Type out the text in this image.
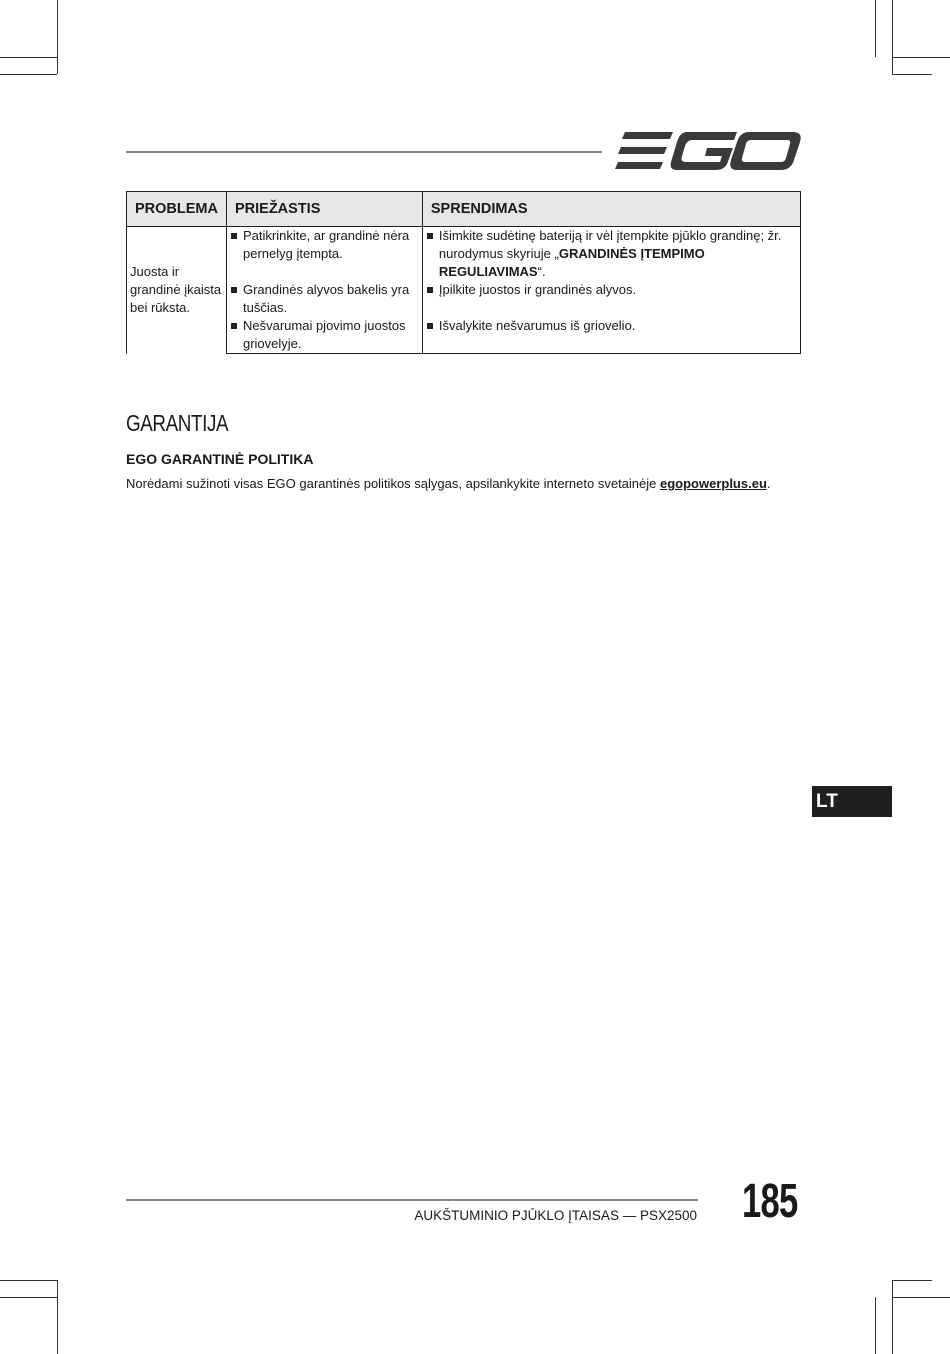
PROBLEMA	PRIEŽASTIS	SPRENDIMAS
Juosta ir grandinė įkaista bei rūksta.	Patikrinkite, ar grandinė nėra pernelyg įtempta.	Išimkite sudėtinę bateriją ir vėl įtempkite pjūklo grandinę; žr. nurodymus skyriuje „GRANDINĖS ĮTEMPIMO REGULIAVIMAS“.

	Grandinės alyvos bakelis yra tuščias.	Įpilkite juostos ir grandinės alyvos.

	Nešvarumai pjovimo juostos griovelyje.	Išvalykite nešvarumus iš griovelio.
GARANTIJA
EGO GARANTINĖ POLITIKA
Norėdami sužinoti visas EGO garantinės politikos sąlygas, apsilankykite interneto svetainėje egopowerplus.eu.
LT
AUKŠTUMINIO PJŪKLO ĮTAISAS — PSX2500 185
